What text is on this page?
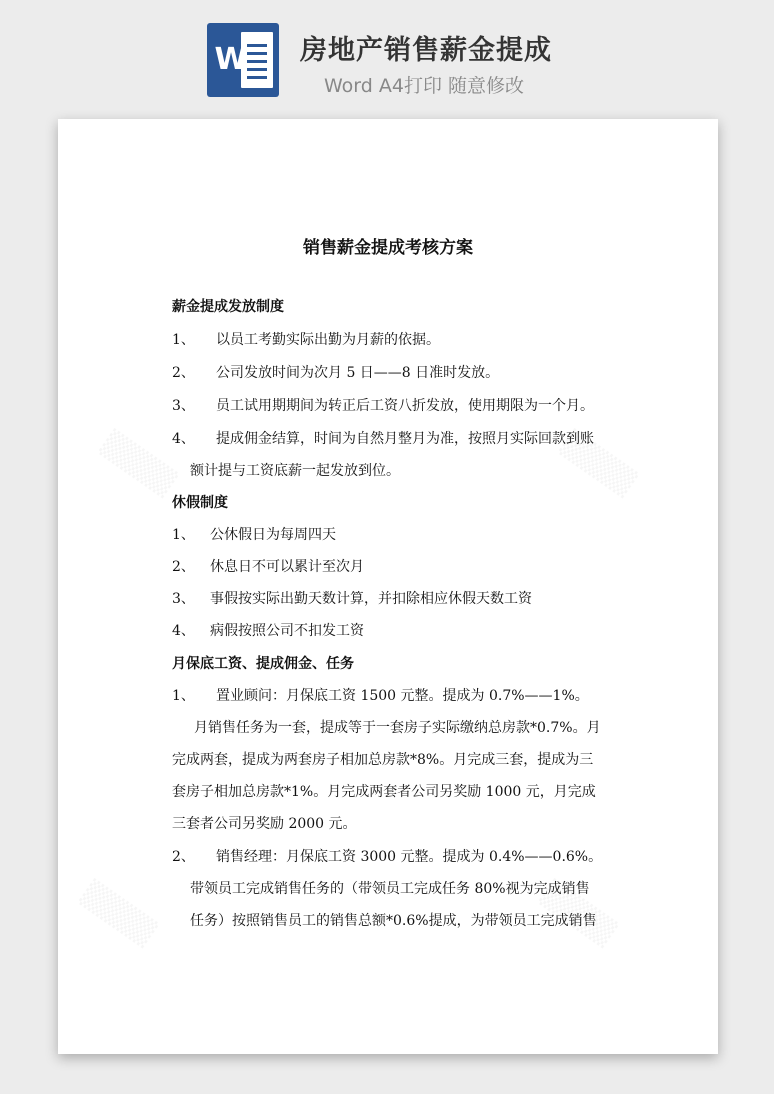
W 房地产销售薪金提成
Word A4打印 随意修改
销售薪金提成考核方案
薪金提成发放制度
1、 以员工考勤实际出勤为月薪的依据。
2、 公司发放时间为次月 5 日——8 日准时发放。
3、 员工试用期期间为转正后工资八折发放，使用期限为一个月。
4、 提成佣金结算，时间为自然月整月为准，按照月实际回款到账
额计提与工资底薪一起发放到位。
休假制度
1、 公休假日为每周四天
2、 休息日不可以累计至次月
3、 事假按实际出勤天数计算，并扣除相应休假天数工资
4、 病假按照公司不扣发工资
月保底工资、提成佣金、任务
1、 置业顾问：月保底工资 1500 元整。提成为 0.7%——1%。
月销售任务为一套，提成等于一套房子实际缴纳总房款*0.7%。月
完成两套，提成为两套房子相加总房款*8%。月完成三套，提成为三
套房子相加总房款*1%。月完成两套者公司另奖励 1000 元，月完成
三套者公司另奖励 2000 元。
2、 销售经理：月保底工资 3000 元整。提成为 0.4%——0.6%。
带领员工完成销售任务的（带领员工完成任务 80%视为完成销售
任务）按照销售员工的销售总额*0.6%提成，为带领员工完成销售
